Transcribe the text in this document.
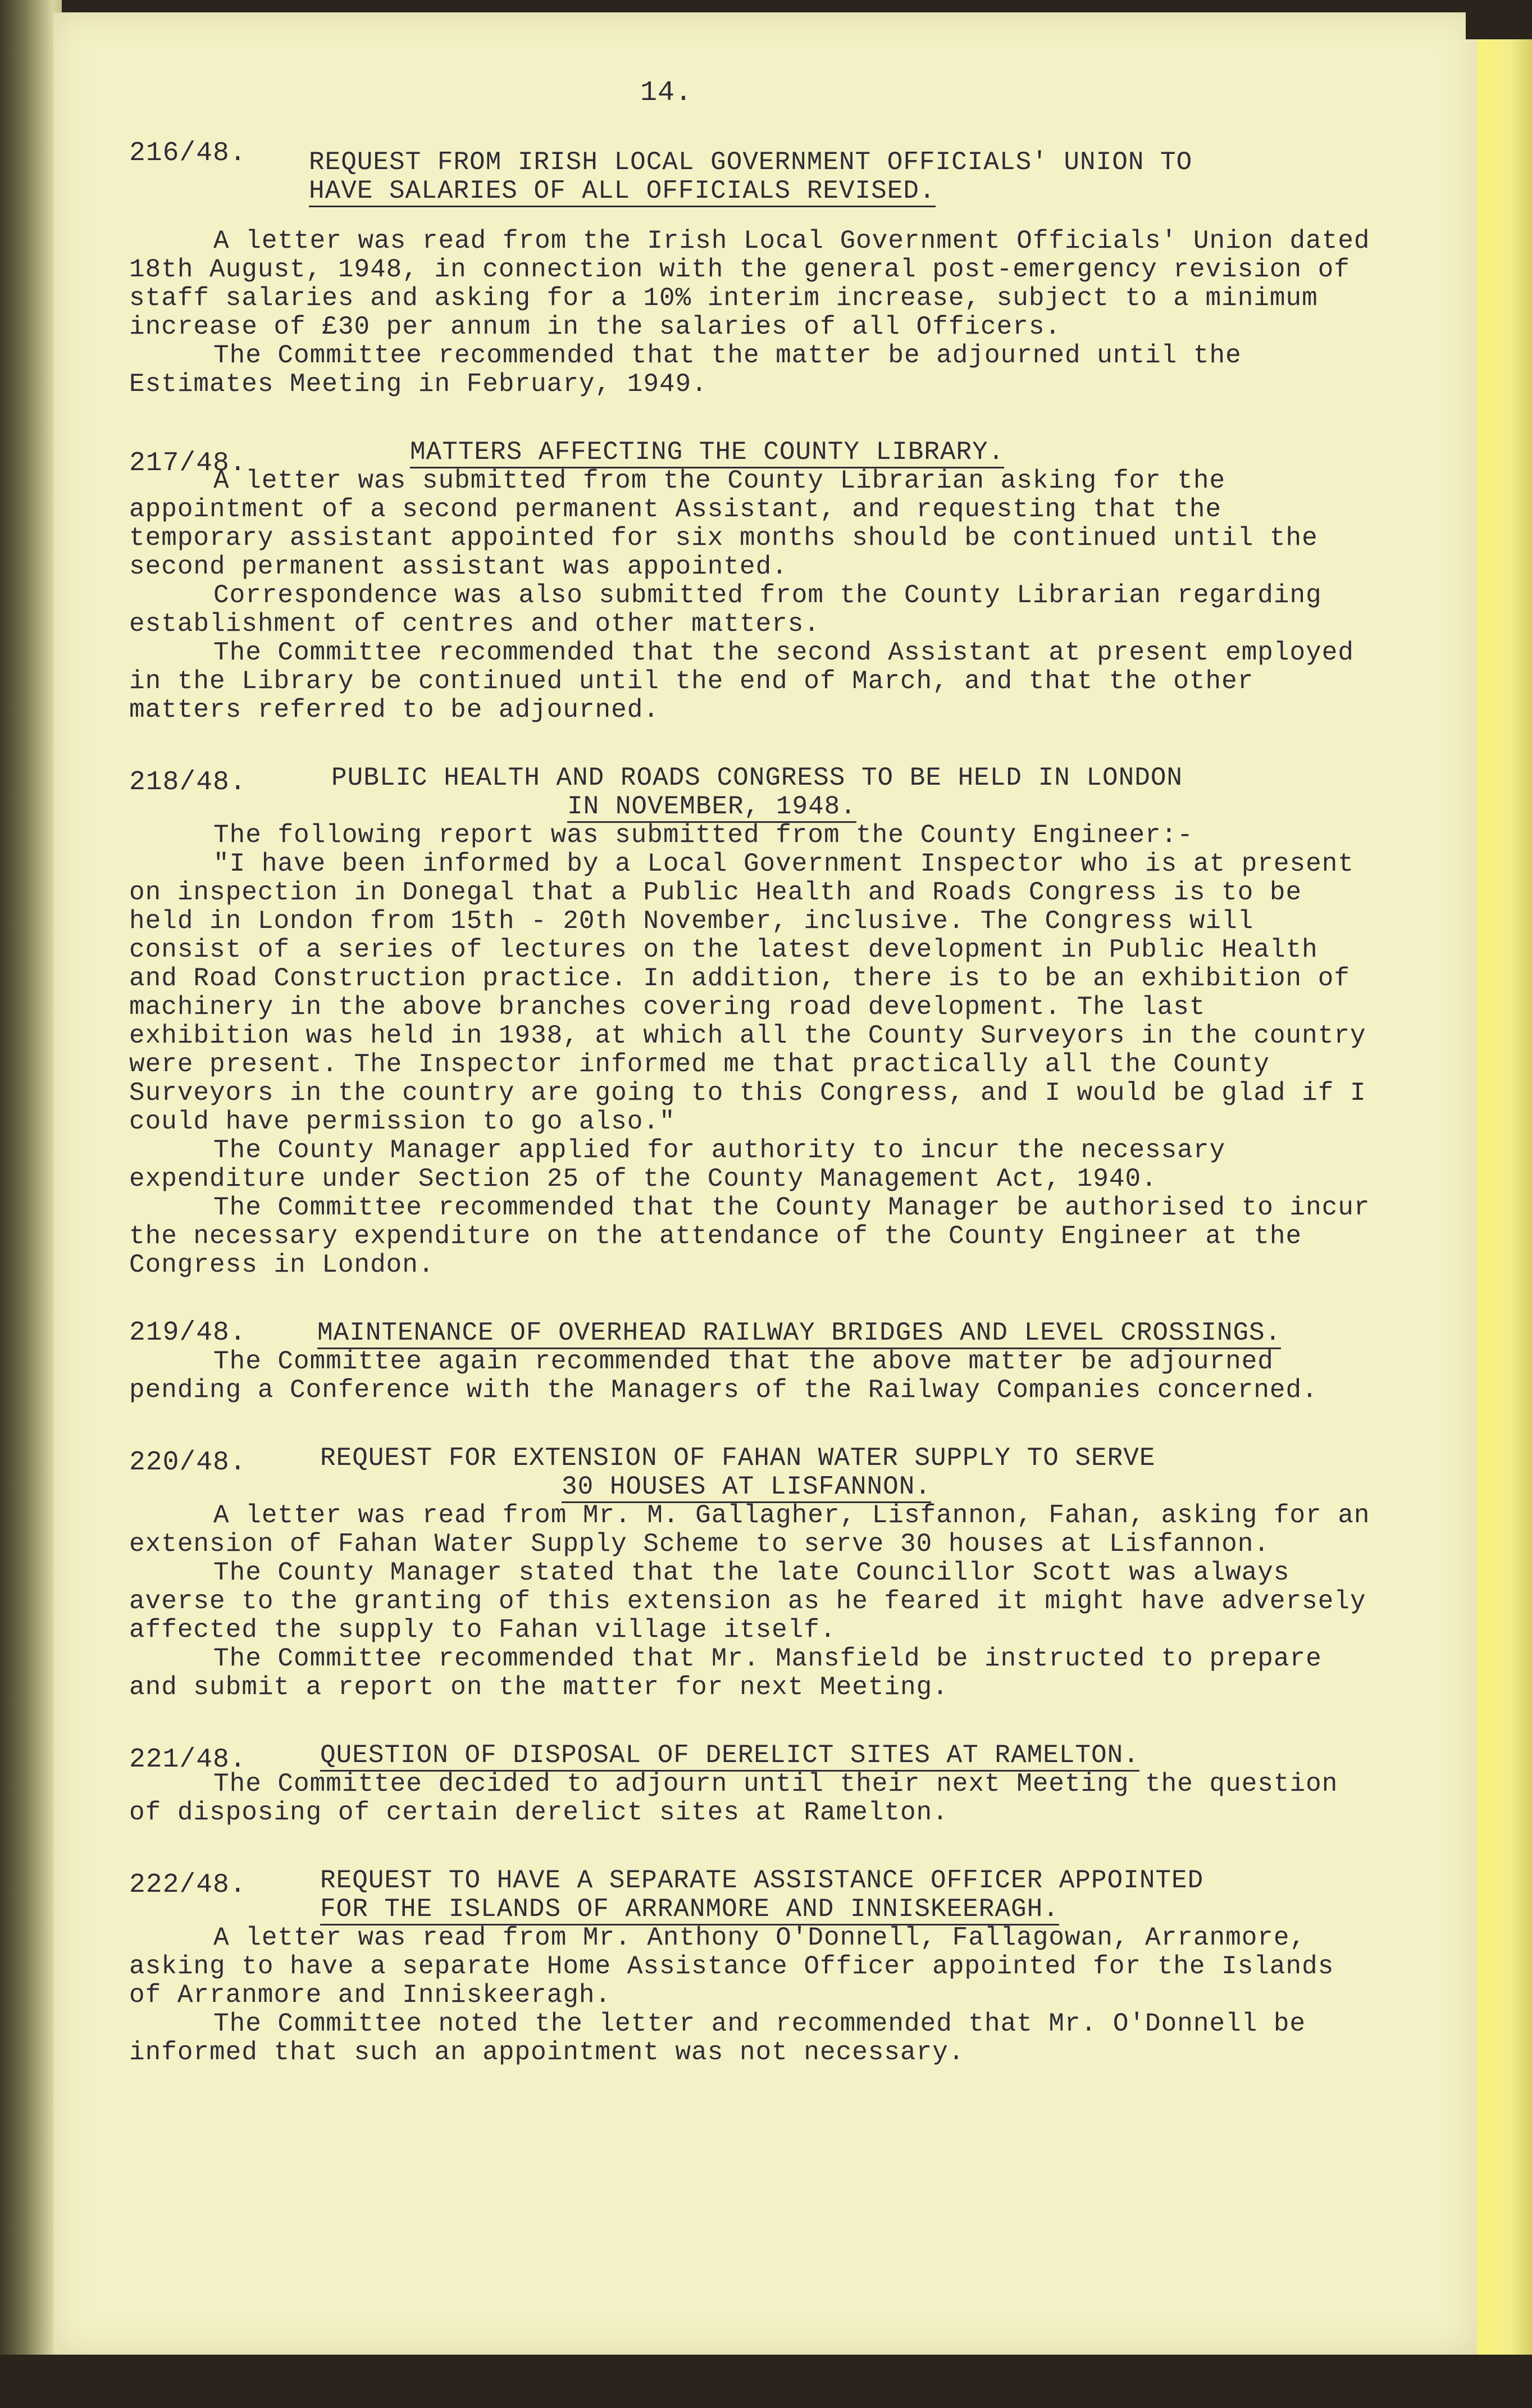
14.
216/48. REQUEST FROM IRISH LOCAL GOVERNMENT OFFICIALS' UNION TO
HAVE SALARIES OF ALL OFFICIALS REVISED.

A letter was read from the Irish Local Government Officials' Union dated 18th August, 1948, in connection with the general post-emergency revision of staff salaries and asking for a 10% interim increase, subject to a minimum increase of £30 per annum in the salaries of all Officers.

The Committee recommended that the matter be adjourned until the Estimates Meeting in February, 1949.

217/48.	MATTERS AFFECTING THE COUNTY LIBRARY.

A letter was submitted from the County Librarian asking for the appointment of a second permanent Assistant, and requesting that the temporary assistant appointed for six months should be continued until the second permanent assistant was appointed.

Correspondence was also submitted from the County Librarian regarding establishment of centres and other matters.

The Committee recommended that the second Assistant at present employed in the Library be continued until the end of March, and that the other matters referred to be adjourned.

218/48.	PUBLIC HEALTH AND ROADS CONGRESS TO BE HELD IN LONDON
IN NOVEMBER, 1948.

The following report was submitted from the County Engineer:-

"I have been informed by a Local Government Inspector who is at present on inspection in Donegal that a Public Health and Roads Congress is to be held in London from 15th - 20th November, inclusive. The Congress will consist of a series of lectures on the latest development in Public Health and Road Construction practice. In addition, there is to be an exhibition of machinery in the above branches covering road development. The last exhibition was held in 1938, at which all the County Surveyors in the country were present. The Inspector informed me that practically all the County Surveyors in the country are going to this Congress, and I would be glad if I could have permission to go also."

The County Manager applied for authority to incur the necessary expenditure under Section 25 of the County Management Act, 1940.

The Committee recommended that the County Manager be authorised to incur the necessary expenditure on the attendance of the County Engineer at the Congress in London.

219/48.	MAINTENANCE OF OVERHEAD RAILWAY BRIDGES AND LEVEL CROSSINGS.

The Committee again recommended that the above matter be adjourned pending a Conference with the Managers of the Railway Companies concerned.

220/48.	REQUEST FOR EXTENSION OF FAHAN WATER SUPPLY TO SERVE
30 HOUSES AT LISFANNON.

A letter was read from Mr. M. Gallagher, Lisfannon, Fahan, asking for an extension of Fahan Water Supply Scheme to serve 30 houses at Lisfannon.

The County Manager stated that the late Councillor Scott was always averse to the granting of this extension as he feared it might have adversely affected the supply to Fahan village itself.

The Committee recommended that Mr. Mansfield be instructed to prepare and submit a report on the matter for next Meeting.

221/48.	QUESTION OF DISPOSAL OF DERELICT SITES AT RAMELTON.

The Committee decided to adjourn until their next Meeting the question of disposing of certain derelict sites at Ramelton.

222/48.	REQUEST TO HAVE A SEPARATE ASSISTANCE OFFICER APPOINTED
FOR THE ISLANDS OF ARRANMORE AND INNISKEERAGH.

A letter was read from Mr. Anthony O'Donnell, Fallagowan, Arranmore, asking to have a separate Home Assistance Officer appointed for the Islands of Arranmore and Inniskeeragh.

The Committee noted the letter and recommended that Mr. O'Donnell be informed that such an appointment was not necessary.
